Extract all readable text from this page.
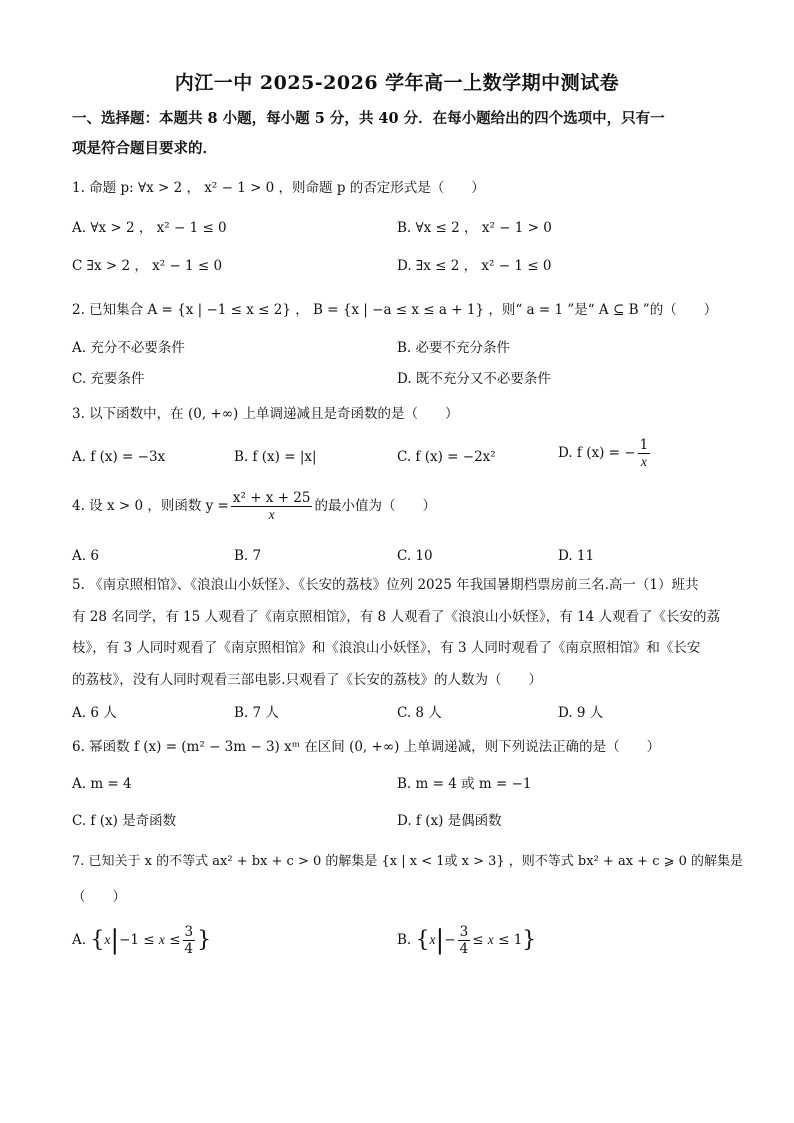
内江一中 2025-2026 学年高一上数学期中测试卷
一、选择题：本题共 8 小题，每小题 5 分，共 40 分．在每小题给出的四个选项中，只有一
项是符合题目要求的．
1. 命题 p: ∀x > 2 ， x² − 1 > 0 ，则命题 p 的否定形式是（　　）
A. ∀x > 2 ， x² − 1 ≤ 0	B. ∀x ≤ 2 ， x² − 1 > 0
C ∃x > 2 ， x² − 1 ≤ 0	D. ∃x ≤ 2 ， x² − 1 ≤ 0
2. 已知集合 A = {x | −1 ≤ x ≤ 2} ， B = {x | −a ≤ x ≤ a + 1} ，则“ a = 1 ”是“ A ⊆ B ”的（　　）
A. 充分不必要条件	B. 必要不充分条件
C. 充要条件	D. 既不充分又不必要条件
3. 以下函数中，在 (0, +∞) 上单调递减且是奇函数的是（　　）
A. f (x) = −3x	B. f (x) = |x|	C. f (x) = −2x²	D. f (x) = − $\frac{1}{x}$
4. 设 x > 0 ，则函数 $y = \frac{\text{x² + x + 25}}{x}$ 的最小值为（　　）
A. 6	B. 7	C. 10	D. 11
5. 《南京照相馆》、《浪浪山小妖怪》、《长安的荔枝》位列 2025 年我国暑期档票房前三名.高一（1）班共
有 28 名同学，有 15 人观看了《南京照相馆》，有 8 人观看了《浪浪山小妖怪》，有 14 人观看了《长安的荔
枝》，有 3 人同时观看了《南京照相馆》和《浪浪山小妖怪》，有 3 人同时观看了《南京照相馆》和《长安
的荔枝》，没有人同时观看三部电影.只观看了《长安的荔枝》的人数为（　　）
A. 6 人	B. 7 人	C. 8 人	D. 9 人
6. 幂函数 f (x) = (m² − 3m − 3) xᵐ 在区间 (0, +∞) 上单调递减，则下列说法正确的是（　　）
A. m = 4	B. m = 4 或 m = −1
C. f (x) 是奇函数	D. f (x) 是偶函数
7. 已知关于 x 的不等式 ax² + bx + c > 0 的解集是 {x | x < 1或 x > 3} ，则不等式 bx² + ax + c ⩾ 0 的解集是
（　　）
A. {$x|-1 \le x \le \frac{3}{4}$ }	B. $\{x|- \frac{3}{4} \le x \le 1\}$
